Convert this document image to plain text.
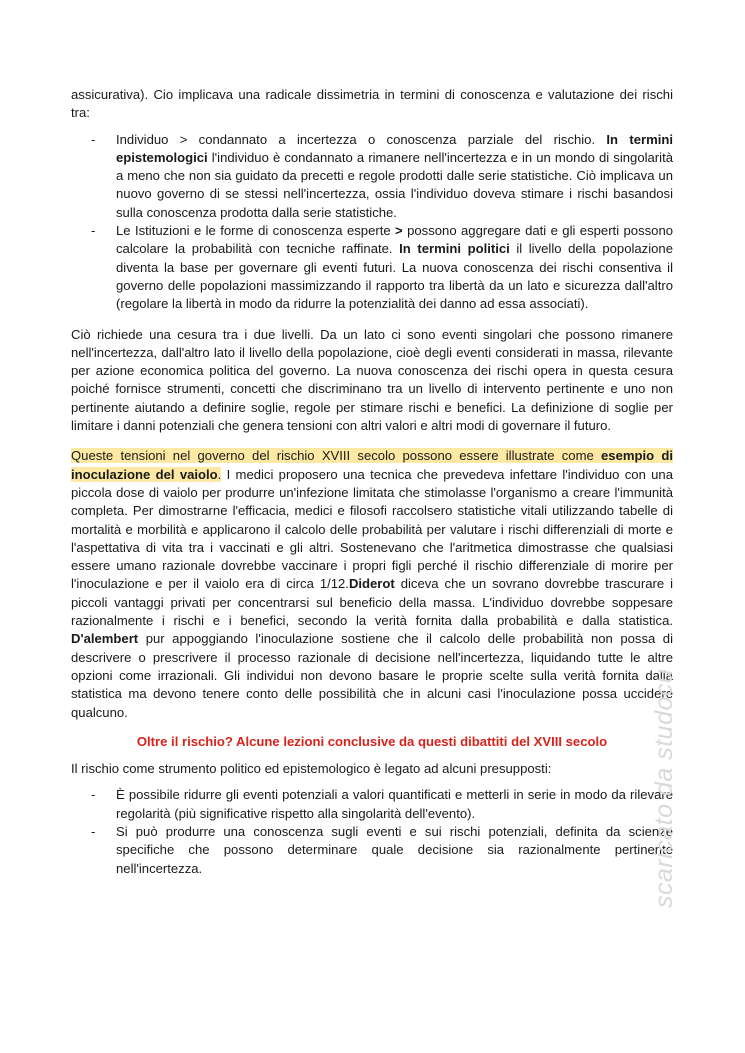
assicurativa). Cio implicava una radicale dissimetria in termini di conoscenza e valutazione dei rischi tra:

- Individuo > condannato a incertezza o conoscenza parziale del rischio. In termini epistemologici l'individuo è condannato a rimanere nell'incertezza e in un mondo di singolarità a meno che non sia guidato da precetti e regole prodotti dalle serie statistiche. Ciò implicava un nuovo governo di se stessi nell'incertezza, ossia l'individuo doveva stimare i rischi basandosi sulla conoscenza prodotta dalla serie statistiche.
- Le Istituzioni e le forme di conoscenza esperte > possono aggregare dati e gli esperti possono calcolare la probabilità con tecniche raffinate. In termini politici il livello della popolazione diventa la base per governare gli eventi futuri. La nuova conoscenza dei rischi consentiva il governo delle popolazioni massimizzando il rapporto tra libertà da un lato e sicurezza dall'altro (regolare la libertà in modo da ridurre la potenzialità dei danno ad essa associati).

Ciò richiede una cesura tra i due livelli. Da un lato ci sono eventi singolari che possono rimanere nell'incertezza, dall'altro lato il livello della popolazione, cioè degli eventi considerati in massa, rilevante per azione economica politica del governo. La nuova conoscenza dei rischi opera in questa cesura poiché fornisce strumenti, concetti che discriminano tra un livello di intervento pertinente e uno non pertinente aiutando a definire soglie, regole per stimare rischi e benefici. La definizione di soglie per limitare i danni potenziali che genera tensioni con altri valori e altri modi di governare il futuro.

Queste tensioni nel governo del rischio XVIII secolo possono essere illustrate come esempio di inoculazione del vaiolo. I medici proposero una tecnica che prevedeva infettare l'individuo con una piccola dose di vaiolo per produrre un'infezione limitata che stimolasse l'organismo a creare l'immunità completa. Per dimostrarne l'efficacia, medici e filosofi raccolsero statistiche vitali utilizzando tabelle di mortalità e morbilità e applicarono il calcolo delle probabilità per valutare i rischi differenziali di morte e l'aspettativa di vita tra i vaccinati e gli altri. Sostenevano che l'aritmetica dimostrasse che qualsiasi essere umano razionale dovrebbe vaccinare i propri figli perché il rischio differenziale di morire per l'inoculazione e per il vaiolo era di circa 1/12.Diderot diceva che un sovrano dovrebbe trascurare i piccoli vantaggi privati per concentrarsi sul beneficio della massa. L'individuo dovrebbe soppesare razionalmente i rischi e i benefici, secondo la verità fornita dalla probabilità e dalla statistica. D'alembert pur appoggiando l'inoculazione sostiene che il calcolo delle probabilità non possa di descrivere o prescrivere il processo razionale di decisione nell'incertezza, liquidando tutte le altre opzioni come irrazionali. Gli individui non devono basare le proprie scelte sulla verità fornita dalla statistica ma devono tenere conto delle possibilità che in alcuni casi l'inoculazione possa uccidere qualcuno.

Oltre il rischio? Alcune lezioni conclusive da questi dibattiti del XVIII secolo

Il rischio come strumento politico ed epistemologico è legato ad alcuni presupposti:

- È possibile ridurre gli eventi potenziali a valori quantificati e metterli in serie in modo da rilevare regolarità (più significative rispetto alla singolarità dell'evento).
- Si può produrre una conoscenza sugli eventi e sui rischi potenziali, definita da scienze specifiche che possono determinare quale decisione sia razionalmente pertinente nell'incertezza.	scaricato da studocu
